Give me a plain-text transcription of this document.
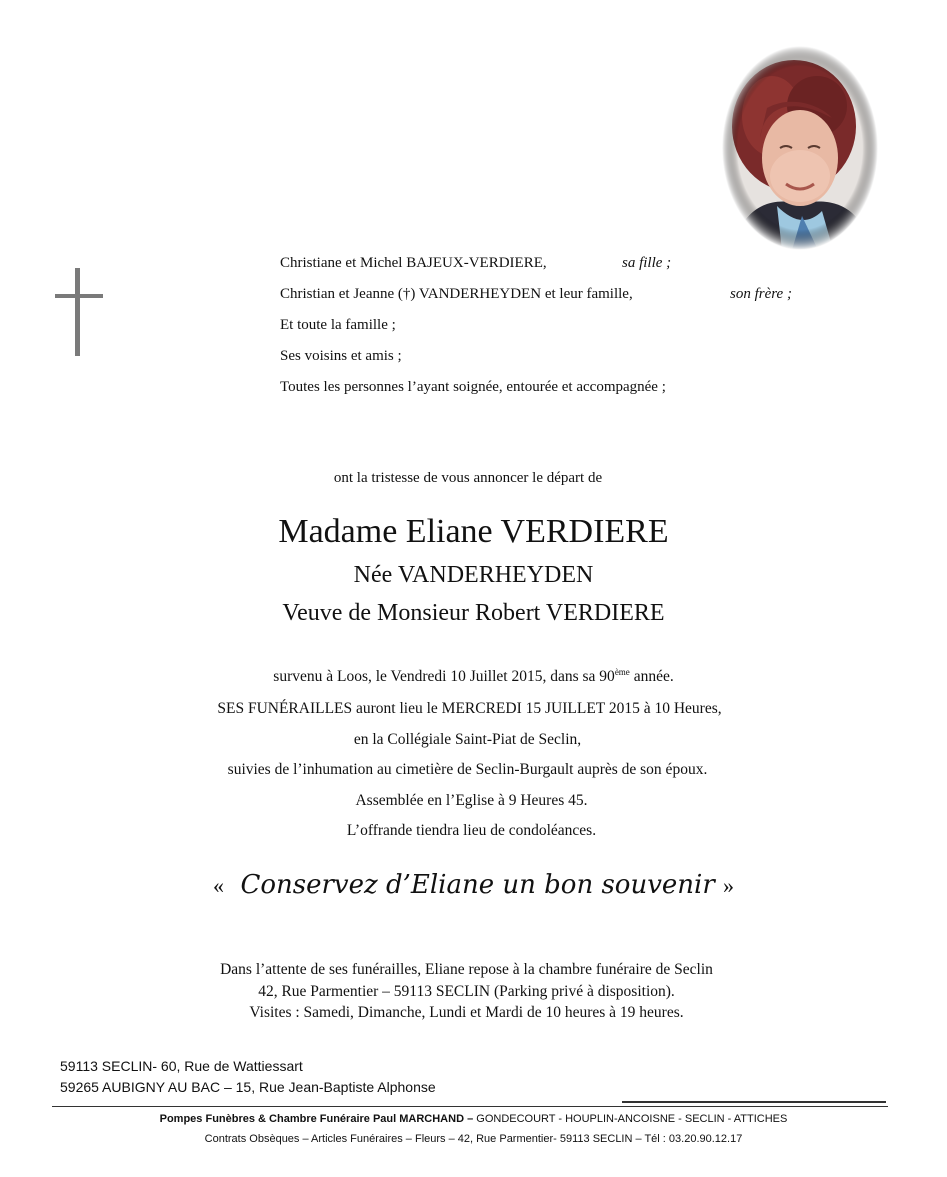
Christiane et Michel BAJEUX-VERDIERE,	sa fille ;
Christian et Jeanne (†) VANDERHEYDEN et leur famille,	son frère ;
Et toute la famille ;
Ses voisins et amis ;
Toutes les personnes l’ayant soignée, entourée et accompagnée ;
ont la tristesse de vous annoncer le départ de
Madame Eliane VERDIERE
Née VANDERHEYDEN
Veuve de Monsieur Robert VERDIERE
survenu à Loos, le Vendredi 10 Juillet 2015, dans sa 90ème année.
SES FUNÉRAILLES auront lieu le MERCREDI 15 JUILLET 2015 à 10 Heures,
en la Collégiale Saint-Piat de Seclin,
suivies de l’inhumation au cimetière de Seclin-Burgault auprès de son époux.
Assemblée en l’Eglise à 9 Heures 45.
L’offrande tiendra lieu de condoléances.
« Conservez d’Eliane un bon souvenir »
Dans l’attente de ses funérailles, Eliane repose à la chambre funéraire de Seclin
42, Rue Parmentier – 59113 SECLIN (Parking privé à disposition).
Visites : Samedi, Dimanche, Lundi et Mardi de 10 heures à 19 heures.
59113 SECLIN- 60, Rue de Wattiessart
59265 AUBIGNY AU BAC – 15, Rue Jean-Baptiste Alphonse
Pompes Funèbres & Chambre Funéraire Paul MARCHAND – GONDECOURT - HOUPLIN-ANCOISNE - SECLIN - ATTICHES
Contrats Obsèques – Articles Funéraires – Fleurs – 42, Rue Parmentier- 59113 SECLIN – Tél : 03.20.90.12.17
